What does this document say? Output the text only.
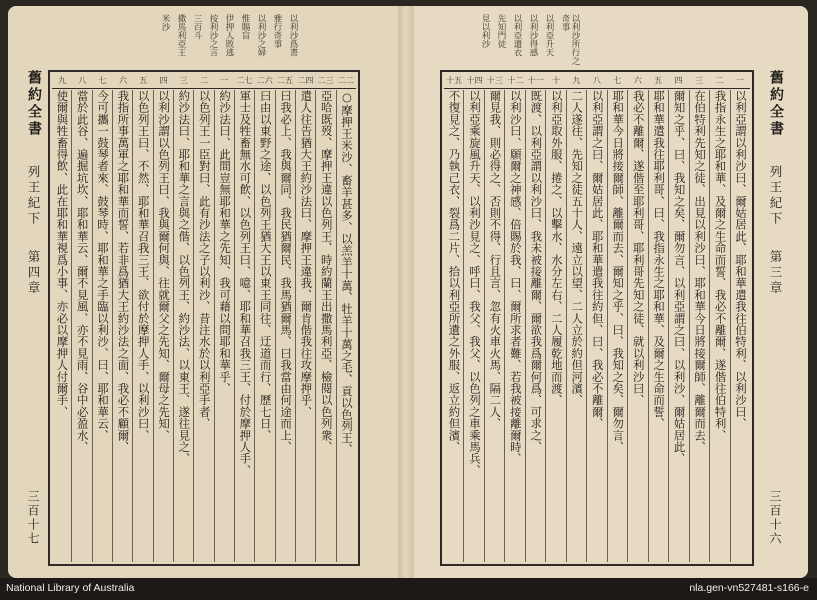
以利沙爲書
雅行奇事
以利沙之婦
惟賜盲
伊押人敗逃
按利沙之言
三百斗
撒馬利亞王
米沙	以利沙所行之奇事
以利亞升天
以利沙得感
以利亞遺衣
先知門徒
見以利沙
舊約全書
列王紀下
第四章
三百十七
舊約全書
列王紀下
第三章
三百十六
二二
二三
二四
二五
二六
二七
一
二
三
四
五
六
七
八
九
○摩押王米沙、畜羊甚多、以羔羊十萬、牡羊十萬之毛、貢以色列王、
亞哈既歿、摩押王違以色列王、時約蘭王出撒馬利亞、檢閱以色列衆、
遣人往告猶大王約沙法曰、摩押王違我、爾肯偕我往攻摩押乎、
曰我必上、我與爾同、我民猶爾民、我馬猶爾馬、曰我當由何途而上、
曰由以東野之途、以色列王猶大王以東王同往、迂道而行、歷七日、
軍士及牲畜無水可飲、以色列王曰、噫、耶和華召我三王、付於摩押人手、
約沙法曰、此間豈無耶和華之先知、我可藉以問耶和華乎、
以色列王一臣對曰、此有沙法之子以利沙、昔注水於以利亞手者、
約沙法曰、耶和華之言與之偕、以色列王、約沙法、以東王、遂往見之、
以利沙謂以色列王曰、我與爾何與、往就爾父之先知、爾母之先知、
以色列王曰、不然、耶和華召我三王、欲付於摩押人手、以利沙曰、
我指所事萬軍之耶和華而誓、若非爲猶大王約沙法之面、我必不顧爾、
今可攜一鼓琴者來、鼓琴時、耶和華之手臨以利沙、曰、耶和華云、
當於此谷、遍掘坑坎、耶和華云、爾不見風、亦不見雨、谷中必盈水、
使爾與牲畜得飲、此在耶和華視爲小事、亦必以摩押人付爾手、
一
二
三
四
五
六
七
八
九
十
十一
十二
十三
十四
十五
以利亞謂以利沙曰、爾姑居此、耶和華遣我往伯特利、以利沙曰、
我指永生之耶和華、及爾之生命而誓、我必不離爾、遂偕往伯特利、
在伯特利先知之徒、出見以利沙曰、耶和華今日將接爾師、離爾而去、
爾知之乎、曰、我知之矣、爾勿言、以利亞謂之曰、以利沙、爾姑居此、
耶和華遣我往耶利哥、曰、我指永生之耶和華、及爾之生命而誓、
我必不離爾、遂偕至耶利哥、耶利哥先知之徒、就以利沙曰、
耶和華今日將接爾師、離爾而去、爾知之乎、曰、我知之矣、爾勿言、
以利亞謂之曰、爾姑居此、耶和華遣我往約但、曰、我必不離爾、
二人遂往、先知之徒五十人、遠立以望、二人立於約但河濱、
以利亞取外服、捲之、以擊水、水分左右、二人履乾地而渡、
既渡、以利亞謂以利沙曰、我未被接離爾、爾欲我爲爾何爲、可求之、
以利沙曰、願爾之神感、倍賜於我、曰、爾所求者難、若我被接離爾時、
爾見我、則必得之、否則不得、行且言、忽有火車火馬、隔二人、
以利亞乘旋風升天、以利沙見之、呼曰、我父、我父、以色列之車乘馬兵、
不復見之、乃執己衣、裂爲二片、拾以利亞所遺之外服、返立約但濱、
National Library of Australia	nla.gen-vn527481-s166-e
